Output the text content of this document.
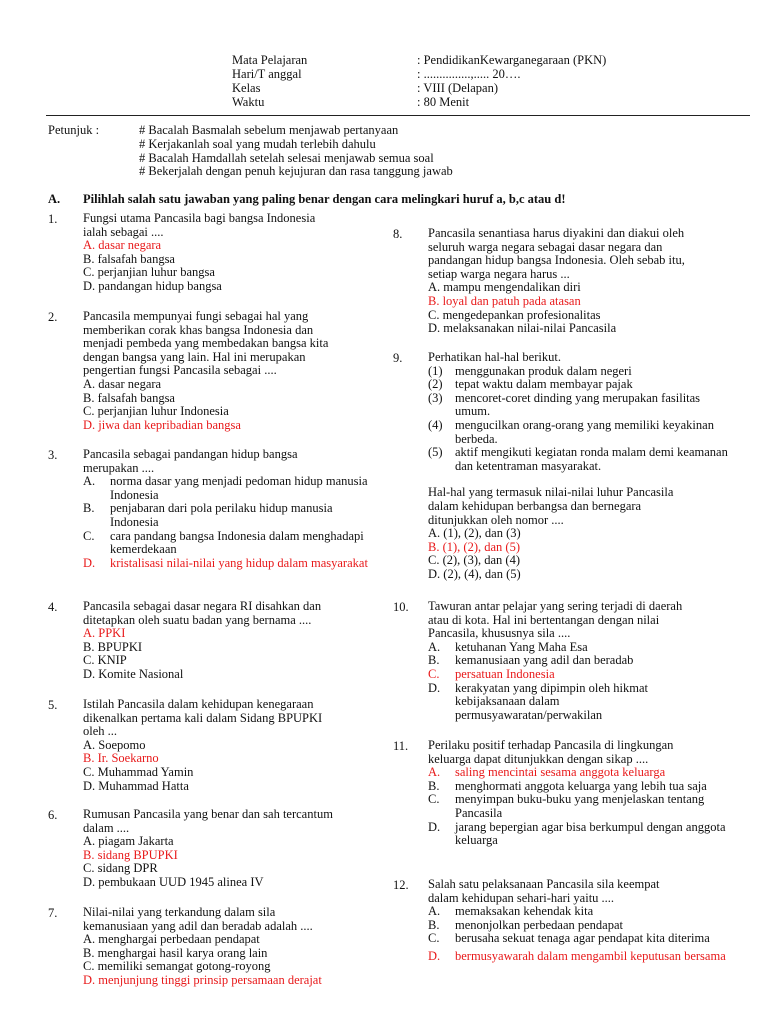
Mata Pelajaran	: PendidikanKewarganegaraan (PKN)
Hari/T anggal	: ...............,..... 20….
Kelas	: VIII (Delapan)
Waktu	: 80 Menit
Petunjuk :	# Bacalah Basmalah sebelum menjawab pertanyaan
# Kerjakanlah soal yang mudah terlebih dahulu
# Bacalah Hamdallah setelah selesai menjawab semua soal
# Bekerjalah dengan penuh kejujuran dan rasa tanggung jawab
A. Pilihlah salah satu jawaban yang paling benar dengan cara melingkari huruf a, b,c atau d!
1. Fungsi utama Pancasila bagi bangsa Indonesia

ialah sebagai ....

A. dasar negara
B. falsafah bangsa
C. perjanjian luhur bangsa
D. pandangan hidup bangsa
2. Pancasila mempunyai fungi sebagai hal yang

memberikan corak khas bangsa Indonesia dan

menjadi pembeda yang membedakan bangsa kita

dengan bangsa yang lain. Hal ini merupakan

pengertian fungsi Pancasila sebagai ....

A. dasar negara
B. falsafah bangsa
C. perjanjian luhur Indonesia
D. jiwa dan kepribadian bangsa
3. Pancasila sebagai pandangan hidup bangsa

merupakan ....

A.	norma dasar yang menjadi pedoman hidup manusia Indonesia
B.	penjabaran dari pola perilaku hidup manusia Indonesia
C.	cara pandang bangsa Indonesia dalam menghadapi kemerdekaan
D.	kristalisasi nilai-nilai yang hidup dalam masyarakat
4. Pancasila sebagai dasar negara RI disahkan dan

ditetapkan oleh suatu badan yang bernama ....

A. PPKI
B. BPUPKI
C. KNIP
D. Komite Nasional
5. Istilah Pancasila dalam kehidupan kenegaraan

dikenalkan pertama kali dalam Sidang BPUPKI

oleh ...

A. Soepomo
B. Ir. Soekarno
C. Muhammad Yamin
D. Muhammad Hatta
6. Rumusan Pancasila yang benar dan sah tercantum

dalam ....

A. piagam Jakarta
B. sidang BPUPKI
C. sidang DPR
D. pembukaan UUD 1945 alinea IV
7. Nilai-nilai yang terkandung dalam sila

kemanusiaan yang adil dan beradab adalah ....

A. menghargai perbedaan pendapat
B. menghargai hasil karya orang lain
C. memiliki semangat gotong-royong
D. menjunjung tinggi prinsip persamaan derajat
8. Pancasila senantiasa harus diyakini dan diakui oleh

seluruh warga negara sebagai dasar negara dan

pandangan hidup bangsa Indonesia. Oleh sebab itu,

setiap warga negara harus ...

A. mampu mengendalikan diri
B. loyal dan patuh pada atasan
C. mengedepankan profesionalitas
D. melaksanakan nilai-nilai Pancasila
9. Perhatikan hal-hal berikut.

(1) menggunakan produk dalam negeri
(2) tepat waktu dalam membayar pajak
(3) mencoret-coret dinding yang merupakan fasilitas umum.
(4) mengucilkan orang-orang yang memiliki keyakinan berbeda.
(5) aktif mengikuti kegiatan ronda malam demi keamanan dan ketentraman masyarakat.

Hal-hal yang termasuk nilai-nilai luhur Pancasila

dalam kehidupan berbangsa dan bernegara

ditunjukkan oleh nomor ....

A. (1), (2), dan (3)
B. (1), (2), dan (5)
C. (2), (3), dan (4)
D. (2), (4), dan (5)
10. Tawuran antar pelajar yang sering terjadi di daerah

atau di kota. Hal ini bertentangan dengan nilai

Pancasila, khususnya sila ....

A.	ketuhanan Yang Maha Esa
B.	kemanusiaan yang adil dan beradab
C.	persatuan Indonesia
D.	kerakyatan yang dipimpin oleh hikmat kebijaksanaan dalam permusyawaratan/perwakilan
11. Perilaku positif terhadap Pancasila di lingkungan

keluarga dapat ditunjukkan dengan sikap ....

A.	saling mencintai sesama anggota keluarga
B.	menghormati anggota keluarga yang lebih tua saja
C.	menyimpan buku-buku yang menjelaskan tentang Pancasila
D.	jarang bepergian agar bisa berkumpul dengan anggota keluarga
12. Salah satu pelaksanaan Pancasila sila keempat

dalam kehidupan sehari-hari yaitu ....

A.	memaksakan kehendak kita
B.	menonjolkan perbedaan pendapat
C.	berusaha sekuat tenaga agar pendapat kita diterima
D.	bermusyawarah dalam mengambil keputusan bersama
